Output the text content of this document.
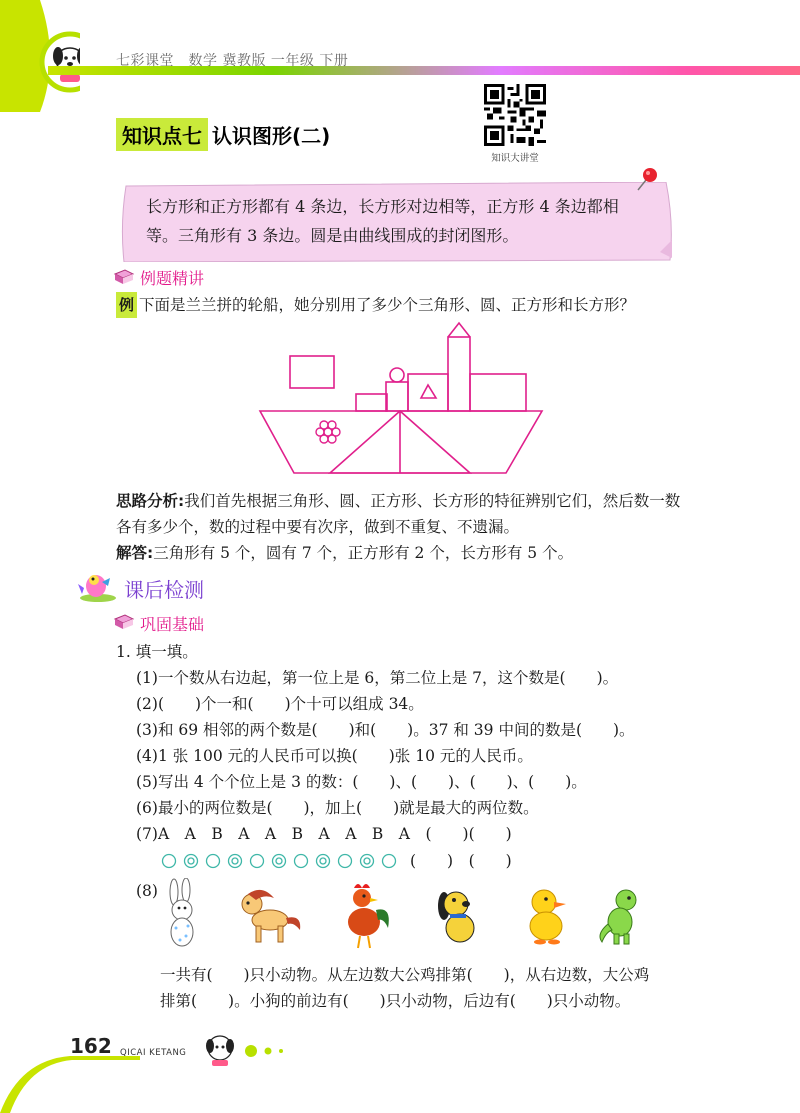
七彩课堂　数学 冀教版 一年级 下册
知识点七 认识图形(二)
知识大讲堂
长方形和正方形都有 4 条边，长方形对边相等，正方形 4 条边都相
等。三角形有 3 条边。圆是由曲线围成的封闭图形。
例题精讲
例 下面是兰兰拼的轮船，她分别用了多少个三角形、圆、正方形和长方形？
思路分析:我们首先根据三角形、圆、正方形、长方形的特征辨别它们，然后数一数
各有多少个，数的过程中要有次序，做到不重复、不遗漏。
解答:三角形有 5 个，圆有 7 个，正方形有 2 个，长方形有 5 个。
课后检测
巩固基础
1. 填一填。
(1)一个数从右边起，第一位上是 6，第二位上是 7，这个数是(　　)。
(2)(　　)个一和(　　)个十可以组成 34。
(3)和 69 相邻的两个数是(　　)和(　　)。37 和 39 中间的数是(　　)。
(4)1 张 100 元的人民币可以换(　　)张 10 元的人民币。
(5)写出 4 个个位上是 3 的数：(　　)、(　　)、(　　)、(　　)。
(6)最小的两位数是(　　)，加上(　　)就是最大的两位数。
(7)A　A　B　A　A　B　A　A　B　A　(　　)(　　)
(　　)　(　　)
(8)
一共有(　　)只小动物。从左边数大公鸡排第(　　)，从右边数，大公鸡
排第(　　)。小狗的前边有(　　)只小动物，后边有(　　)只小动物。
162 QICAI KETANG
